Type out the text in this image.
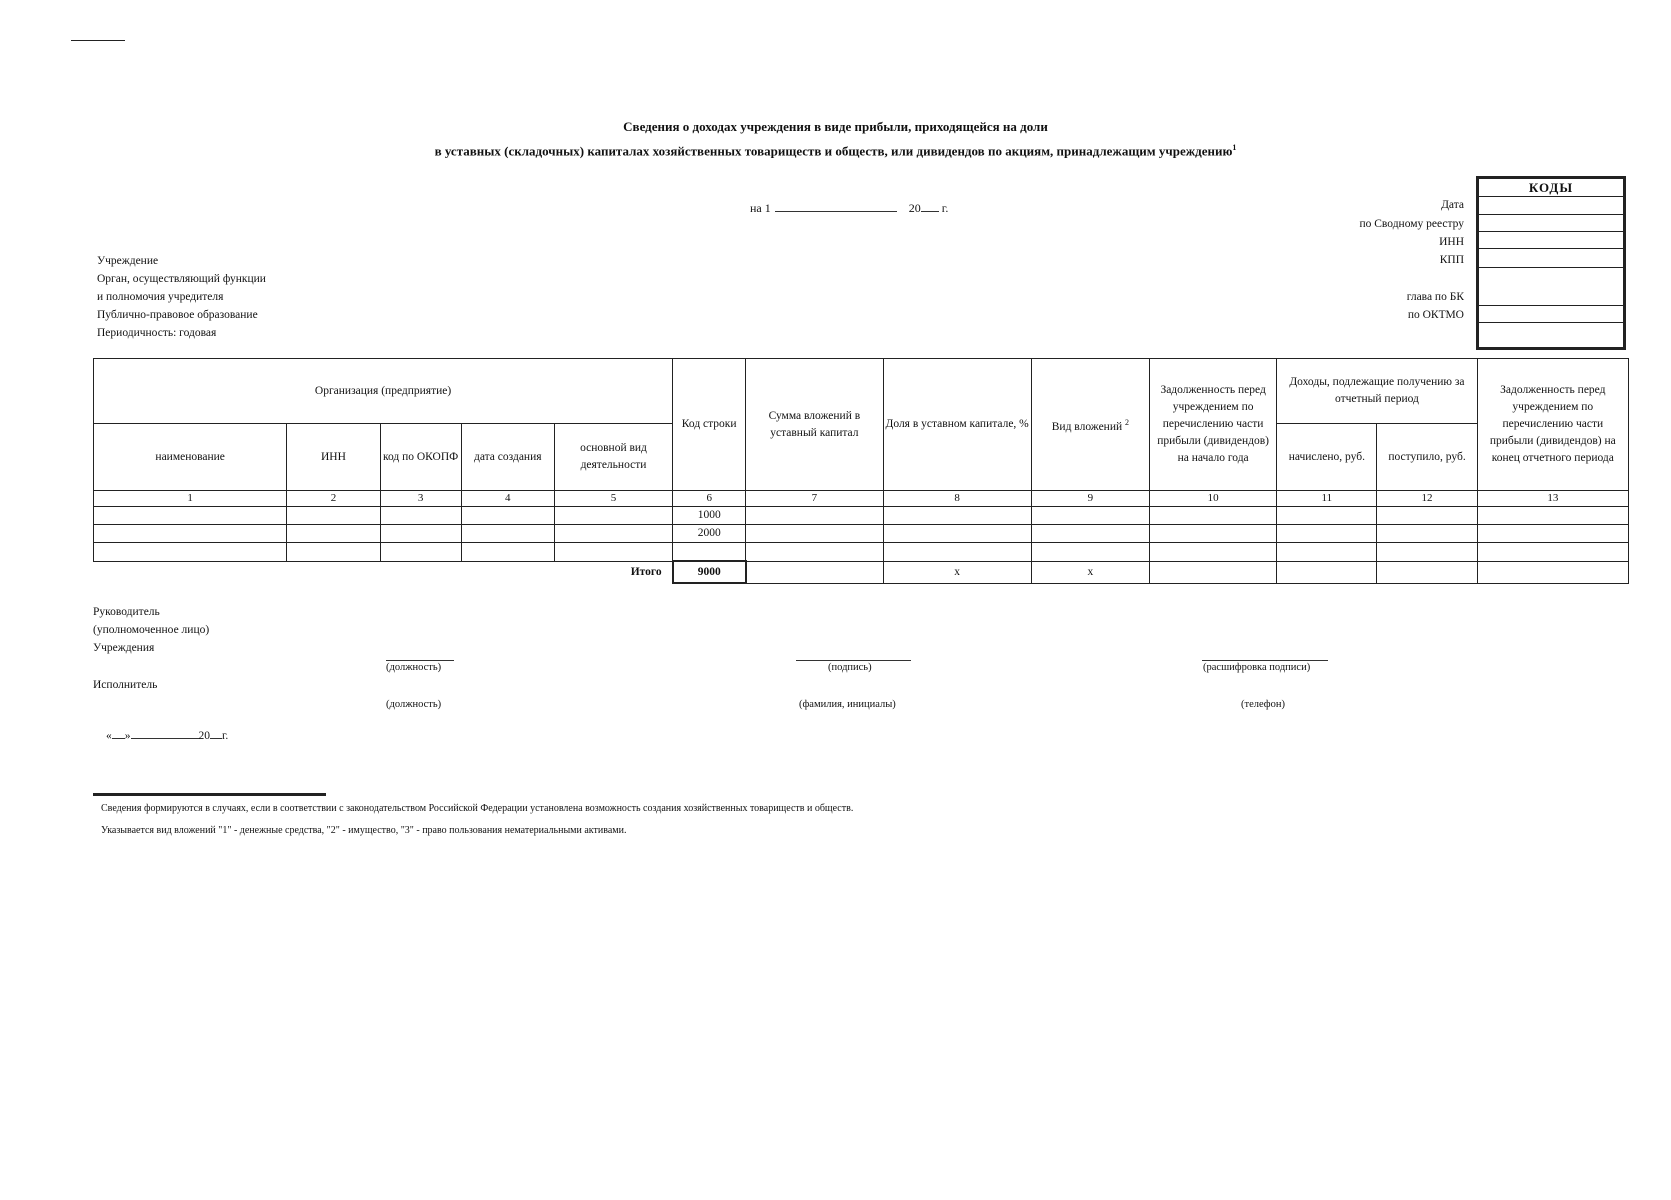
Сведения о доходах учреждения в виде прибыли, приходящейся на доли
в уставных (складочных) капиталах хозяйственных товариществ и обществ, или дивидендов по акциям, принадлежащим учреждению$^1$
на 1	20 г.
КОДЫ
Дата
по Сводному реестру
ИНН
КПП
глава по БК
по ОКТМО
Учреждение
Орган, осуществляющий функции
и полномочия учредителя
Публично-правовое образование
Периодичность: годовая
Организация (предприятие)					Код строки	Сумма вложений в уставный капитал	Доля в уставном капитале, %	Вид вложений $^2$	Задолженность перед учреждением по перечислению части прибыли (дивидендов) на начало года	Доходы, подлежащие получению за отчетный период		Задолженность перед учреждением по перечислению части прибыли (дивидендов) на конец отчетного периода
наименование	ИНН	код по ОКОПФ	дата создания	основной вид деятельности						начислено, руб.	поступило, руб.	
1	2	3	4	5	6	7	8	9	10	11	12	13
					1000							
					2000							

Итого					9000		x	x				
Руководитель
(уполномоченное лицо)
Учреждения
(должность)	(подпись)	(расшифровка подписи)
Исполнитель
(должность)	(фамилия, инициалы)	(телефон)
« »	20 г.
Сведения формируются в случаях, если в соответствии с законодательством Российской Федерации установлена возможность создания хозяйственных товариществ и обществ.
Указывается вид вложений "1" - денежные средства, "2" - имущество, "3" - право пользования нематериальными активами.
